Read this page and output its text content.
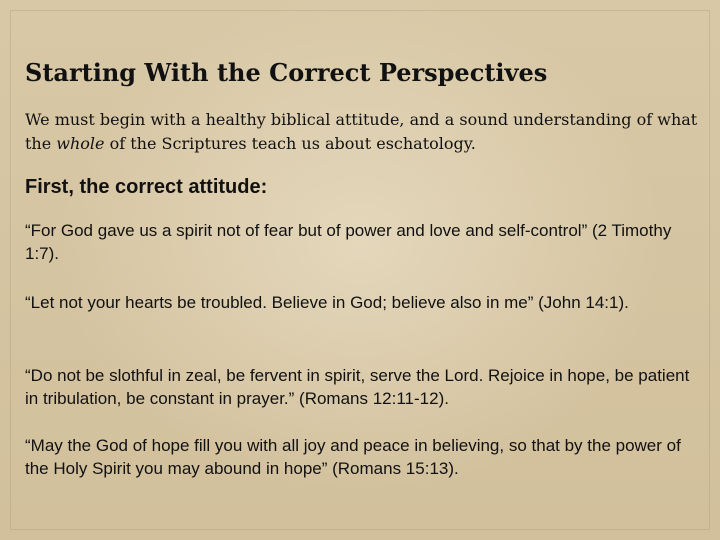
Starting With the Correct Perspectives

We must begin with a healthy biblical attitude, and a sound understanding of what the whole of the Scriptures teach us about eschatology.

First, the correct attitude:

“For God gave us a spirit not of fear but of power and love and self-control” (2 Timothy 1:7).

“Let not your hearts be troubled. Believe in God; believe also in me” (John 14:1).

“Do not be slothful in zeal, be fervent in spirit, serve the Lord. Rejoice in hope, be patient in tribulation, be constant in prayer.” (Romans 12:11-12).

“May the God of hope fill you with all joy and peace in believing, so that by the power of the Holy Spirit you may abound in hope” (Romans 15:13).
